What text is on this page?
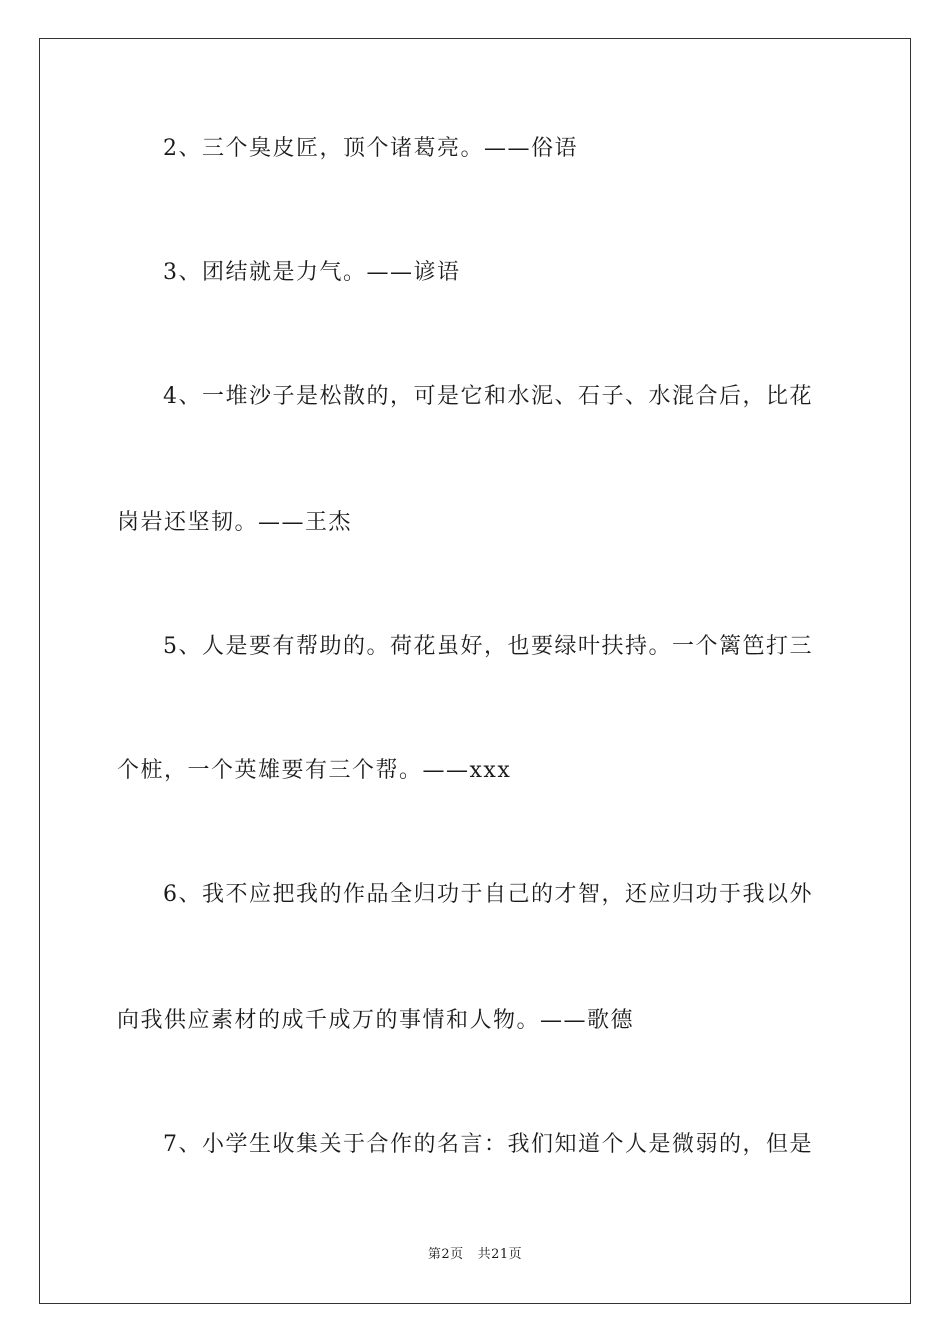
2、三个臭皮匠，顶个诸葛亮。——俗语
3、团结就是力气。——谚语
4、一堆沙子是松散的，可是它和水泥、石子、水混合后，比花
岗岩还坚韧。——王杰
5、人是要有帮助的。荷花虽好，也要绿叶扶持。一个篱笆打三
个桩，一个英雄要有三个帮。——xxx
6、我不应把我的作品全归功于自己的才智，还应归功于我以外
向我供应素材的成千成万的事情和人物。——歌德
7、小学生收集关于合作的名言：我们知道个人是微弱的，但是
第2页 共21页
